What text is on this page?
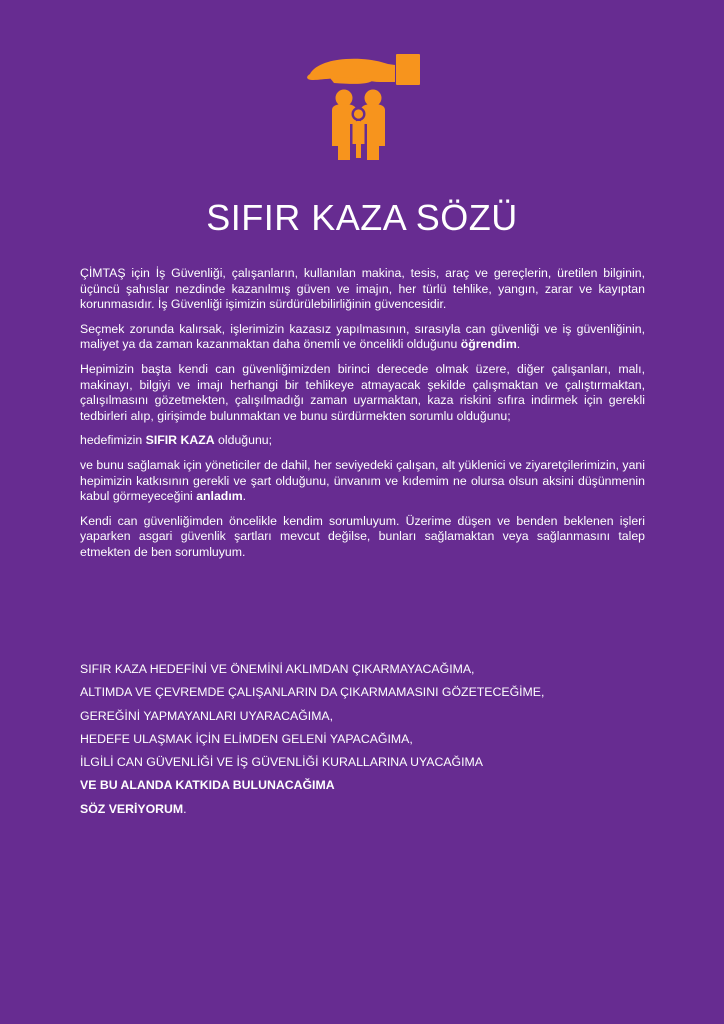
SIFIR KAZA SÖZÜ

ÇİMTAŞ için İş Güvenliği, çalışanların, kullanılan makina, tesis, araç ve gereçlerin, üretilen bilginin, üçüncü şahıslar nezdinde kazanılmış güven ve imajın, her türlü tehlike, yangın, zarar ve kayıptan korunmasıdır. İş Güvenliği işimizin sürdürülebilirliğinin güvencesidir.

Seçmek zorunda kalırsak, işlerimizin kazasız yapılmasının, sırasıyla can güvenliği ve iş güvenliğinin, maliyet ya da zaman kazanmaktan daha önemli ve öncelikli olduğunu öğrendim.

Hepimizin başta kendi can güvenliğimizden birinci derecede olmak üzere, diğer çalışanları, malı, makinayı, bilgiyi ve imajı herhangi bir tehlikeye atmayacak şekilde çalışmaktan ve çalıştırmaktan, çalışılmasını gözetmekten, çalışılmadığı zaman uyarmaktan, kaza riskini sıfıra indirmek için gerekli tedbirleri alıp, girişimde bulunmaktan ve bunu sürdürmekten sorumlu olduğunu;

hedefimizin SIFIR KAZA olduğunu;

ve bunu sağlamak için yöneticiler de dahil, her seviyedeki çalışan, alt yüklenici ve ziyaretçilerimizin, yani hepimizin katkısının gerekli ve şart olduğunu, ünvanım ve kıdemim ne olursa olsun aksini düşünmenin kabul görmeyeceğini anladım.

Kendi can güvenliğimden öncelikle kendim sorumluyum. Üzerime düşen ve benden beklenen işleri yaparken asgari güvenlik şartları mevcut değilse, bunları sağlamaktan veya sağlanmasını talep etmekten de ben sorumluyum.

SIFIR KAZA HEDEFİNİ VE ÖNEMİNİ AKLIMDAN ÇIKARMAYACAĞIMA,
ALTIMDA VE ÇEVREMDE ÇALIŞANLARIN DA ÇIKARMAMASINI GÖZETECEĞİME,
GEREĞİNİ YAPMAYANLARI UYARACAĞIMA,
HEDEFE ULAŞMAK İÇİN ELİMDEN GELENİ YAPACAĞIMA,
İLGİLİ CAN GÜVENLİĞİ VE İŞ GÜVENLİĞİ KURALLARINA UYACAĞIMA
VE BU ALANDA KATKIDA BULUNACAĞIMA
SÖZ VERİYORUM.
